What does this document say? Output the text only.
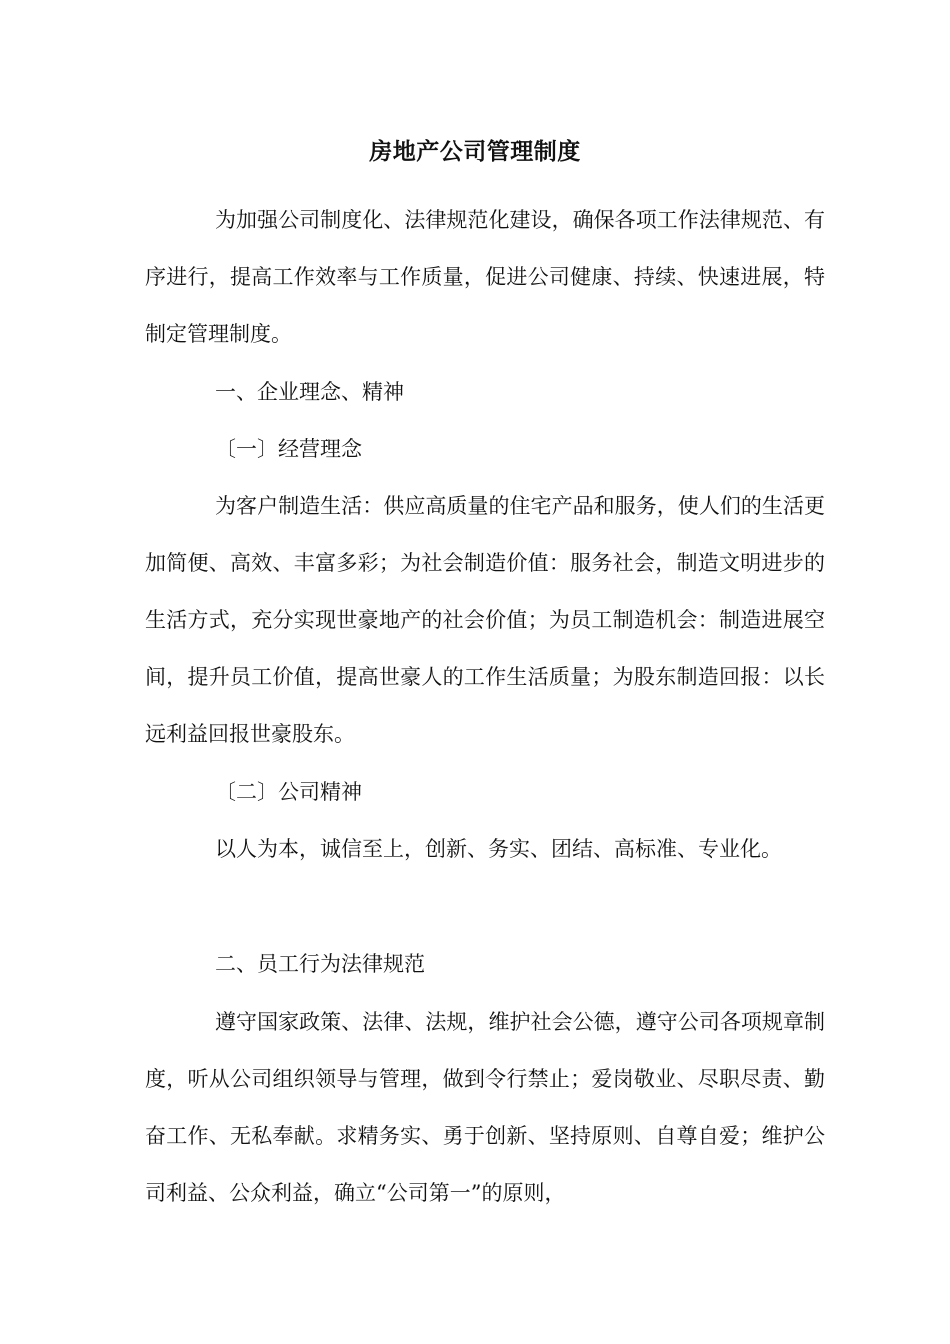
房地产公司管理制度
为加强公司制度化、法律规范化建设，确保各项工作法律规范、有序进行，提高工作效率与工作质量，促进公司健康、持续、快速进展，特制定管理制度。
一、企业理念、精神
〔一〕经营理念
为客户制造生活：供应高质量的住宅产品和服务，使人们的生活更加简便、高效、丰富多彩；为社会制造价值：服务社会，制造文明进步的生活方式，充分实现世豪地产的社会价值；为员工制造机会：制造进展空间，提升员工价值，提高世豪人的工作生活质量；为股东制造回报：以长远利益回报世豪股东。
〔二〕公司精神
以人为本，诚信至上，创新、务实、团结、高标准、专业化。
二、员工行为法律规范
遵守国家政策、法律、法规，维护社会公德，遵守公司各项规章制度，听从公司组织领导与管理，做到令行禁止；爱岗敬业、尽职尽责、勤奋工作、无私奉献。求精务实、勇于创新、坚持原则、自尊自爱；维护公司利益、公众利益，确立“公司第一”的原则，
